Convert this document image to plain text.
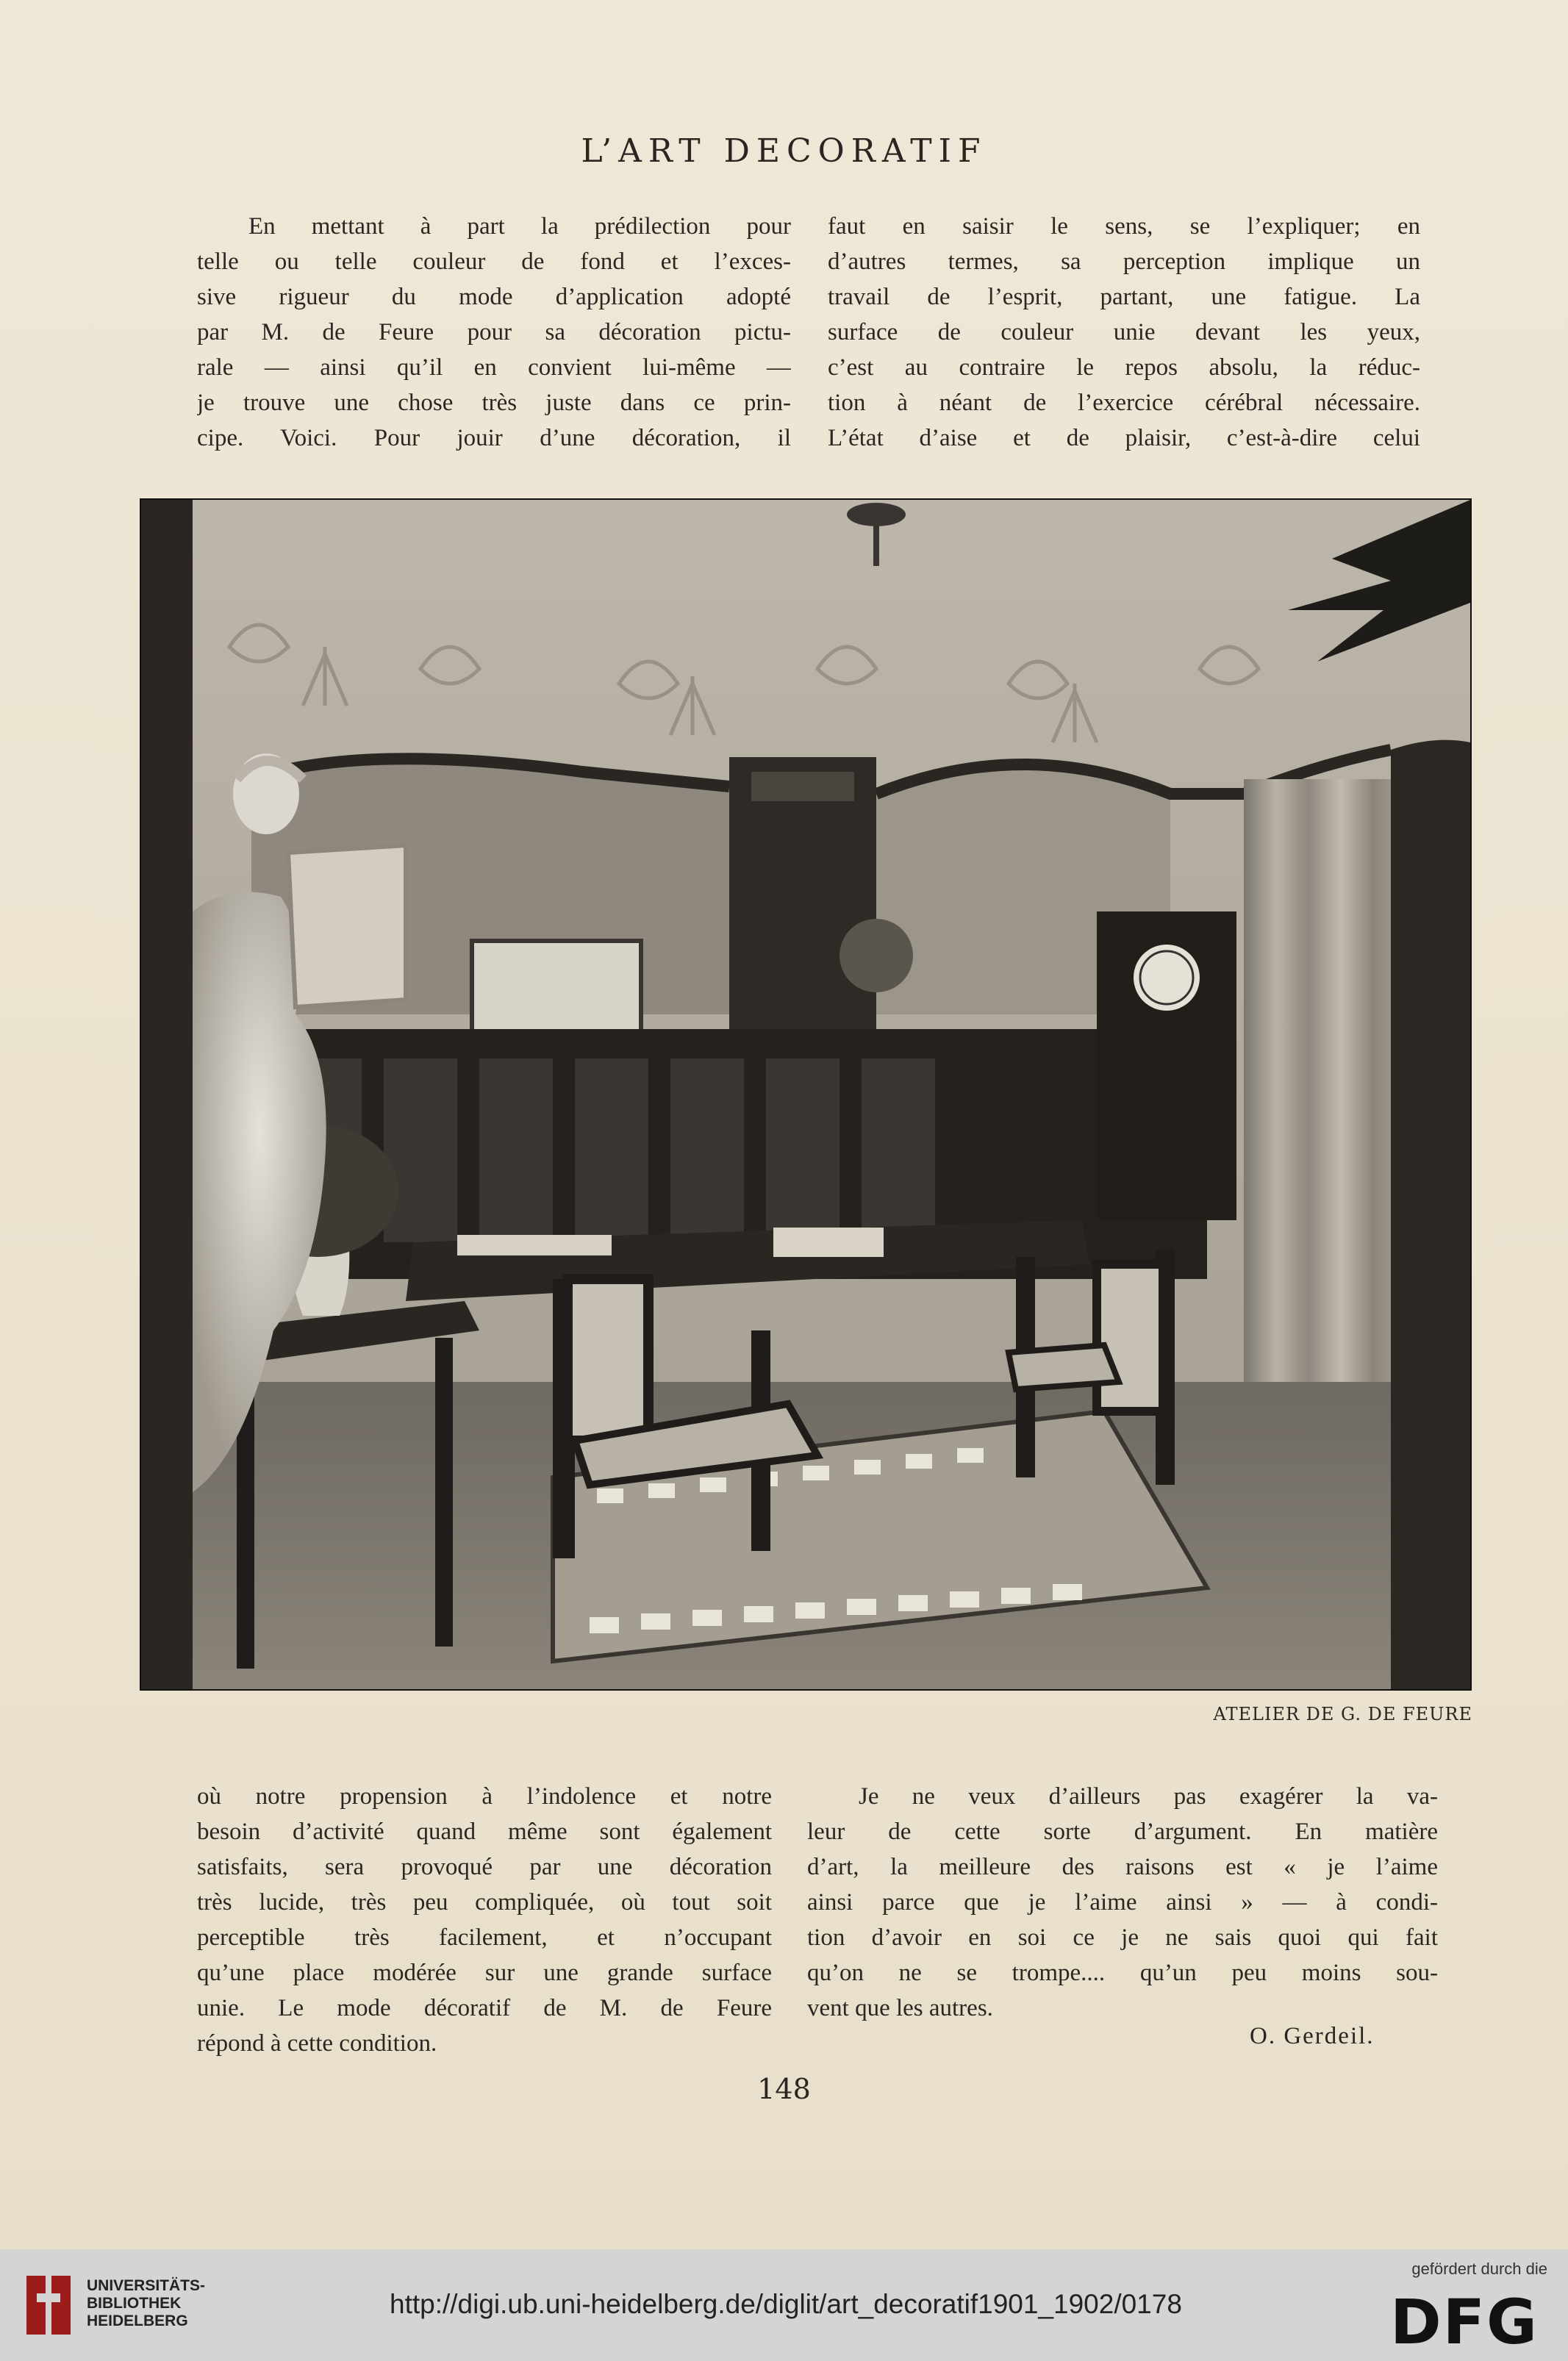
L’ART DECORATIF
En mettant à part la prédilection pour
telle ou telle couleur de fond et l’exces-
sive rigueur du mode d’application adopté
par M. de Feure pour sa décoration pictu-
rale — ainsi qu’il en convient lui-même —
je trouve une chose très juste dans ce prin-
cipe. Voici. Pour jouir d’une décoration, il
faut en saisir le sens, se l’expliquer; en
d’autres termes, sa perception implique un
travail de l’esprit, partant, une fatigue. La
surface de couleur unie devant les yeux,
c’est au contraire le repos absolu, la réduc-
tion à néant de l’exercice cérébral nécessaire.
L’état d’aise et de plaisir, c’est-à-dire celui
ATELIER DE G. DE FEURE
où notre propension à l’indolence et notre
besoin d’activité quand même sont également
satisfaits, sera provoqué par une décoration
très lucide, très peu compliquée, où tout soit
perceptible très facilement, et n’occupant
qu’une place modérée sur une grande surface
unie. Le mode décoratif de M. de Feure
répond à cette condition.
Je ne veux d’ailleurs pas exagérer la va-
leur de cette sorte d’argument. En matière
d’art, la meilleure des raisons est « je l’aime
ainsi parce que je l’aime ainsi » — à condi-
tion d’avoir en soi ce je ne sais quoi qui fait
qu’on ne se trompe.... qu’un peu moins sou-
vent que les autres.
O. Gerdeil.
148
UNIVERSITÄTS-
BIBLIOTHEK
HEIDELBERG
http://digi.ub.uni-heidelberg.de/diglit/art_decoratif1901_1902/0178
gefördert durch die
DFG
